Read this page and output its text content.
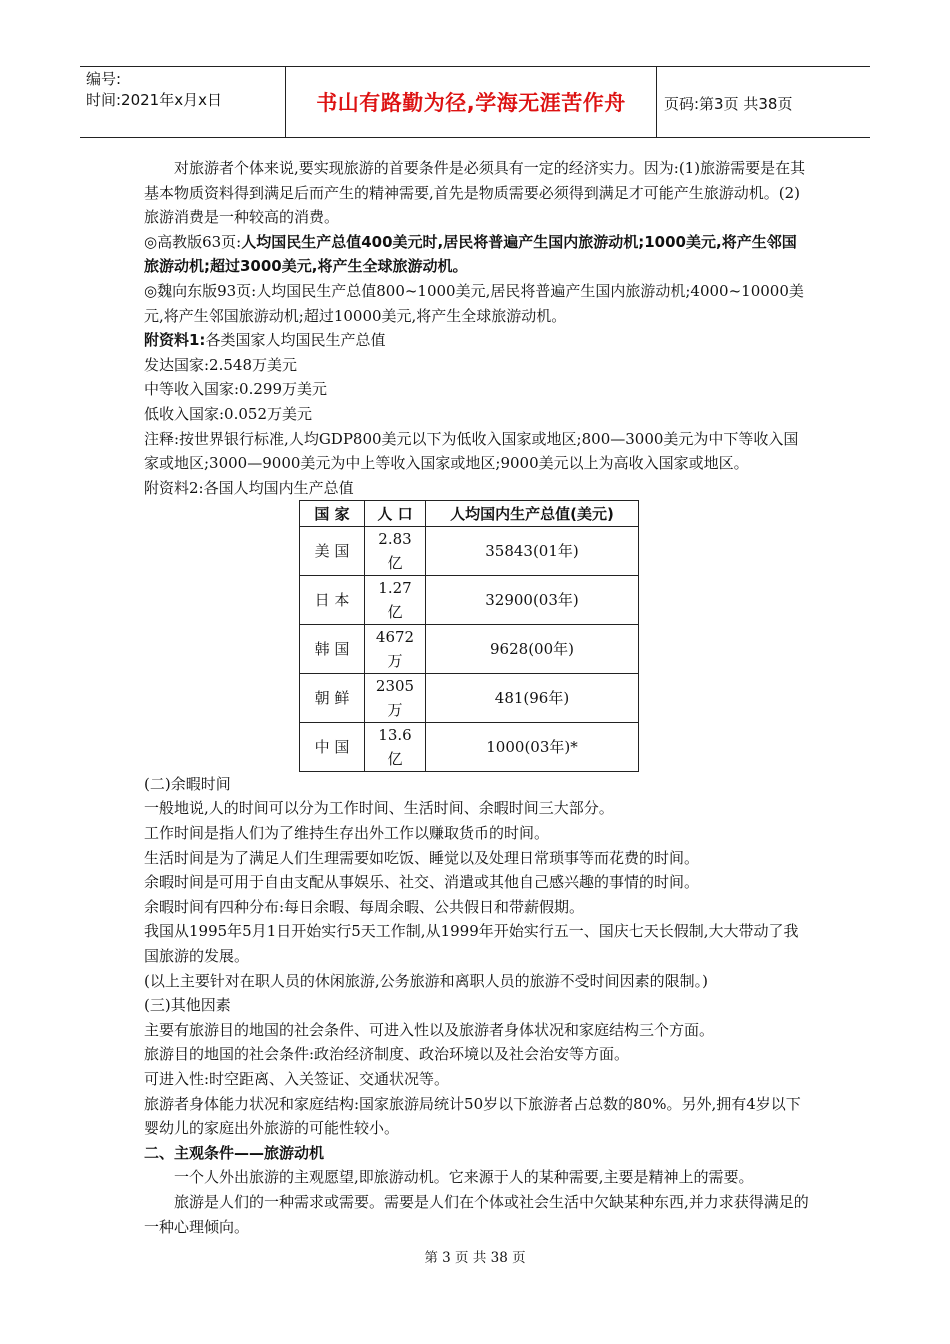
编号:
时间:2021年x月x日	书山有路勤为径,学海无涯苦作舟	页码:第3页 共38页

对旅游者个体来说,要实现旅游的首要条件是必须具有一定的经济实力。因为:(1)旅游需要是在其基本物质资料得到满足后而产生的精神需要,首先是物质需要必须得到满足才可能产生旅游动机。(2)旅游消费是一种较高的消费。

◎高教版63页:人均国民生产总值400美元时,居民将普遍产生国内旅游动机;1000美元,将产生邻国旅游动机;超过3000美元,将产生全球旅游动机。

◎魏向东版93页:人均国民生产总值800~1000美元,居民将普遍产生国内旅游动机;4000~10000美元,将产生邻国旅游动机;超过10000美元,将产生全球旅游动机。

附资料1:各类国家人均国民生产总值

发达国家:2.548万美元

中等收入国家:0.299万美元

低收入国家:0.052万美元

注释:按世界银行标准,人均GDP800美元以下为低收入国家或地区;800—3000美元为中下等收入国家或地区;3000—9000美元为中上等收入国家或地区;9000美元以上为高收入国家或地区。

附资料2:各国人均国内生产总值

国 家	人 口	人均国内生产总值(美元)
美 国	2.83亿	35843(01年)
日 本	1.27亿	32900(03年)
韩 国	4672万	9628(00年)
朝 鲜	2305万	481(96年)
中 国	13.6亿	1000(03年)*

(二)余暇时间

一般地说,人的时间可以分为工作时间、生活时间、余暇时间三大部分。

工作时间是指人们为了维持生存出外工作以赚取货币的时间。

生活时间是为了满足人们生理需要如吃饭、睡觉以及处理日常琐事等而花费的时间。

余暇时间是可用于自由支配从事娱乐、社交、消遣或其他自己感兴趣的事情的时间。

余暇时间有四种分布:每日余暇、每周余暇、公共假日和带薪假期。

我国从1995年5月1日开始实行5天工作制,从1999年开始实行五一、国庆七天长假制,大大带动了我国旅游的发展。

(以上主要针对在职人员的休闲旅游,公务旅游和离职人员的旅游不受时间因素的限制。)

(三)其他因素

主要有旅游目的地国的社会条件、可进入性以及旅游者身体状况和家庭结构三个方面。

旅游目的地国的社会条件:政治经济制度、政治环境以及社会治安等方面。

可进入性:时空距离、入关签证、交通状况等。

旅游者身体能力状况和家庭结构:国家旅游局统计50岁以下旅游者占总数的80%。另外,拥有4岁以下婴幼儿的家庭出外旅游的可能性较小。

二、主观条件——旅游动机

一个人外出旅游的主观愿望,即旅游动机。它来源于人的某种需要,主要是精神上的需要。

旅游是人们的一种需求或需要。需要是人们在个体或社会生活中欠缺某种东西,并力求获得满足的一种心理倾向。

第 3 页 共 38 页
